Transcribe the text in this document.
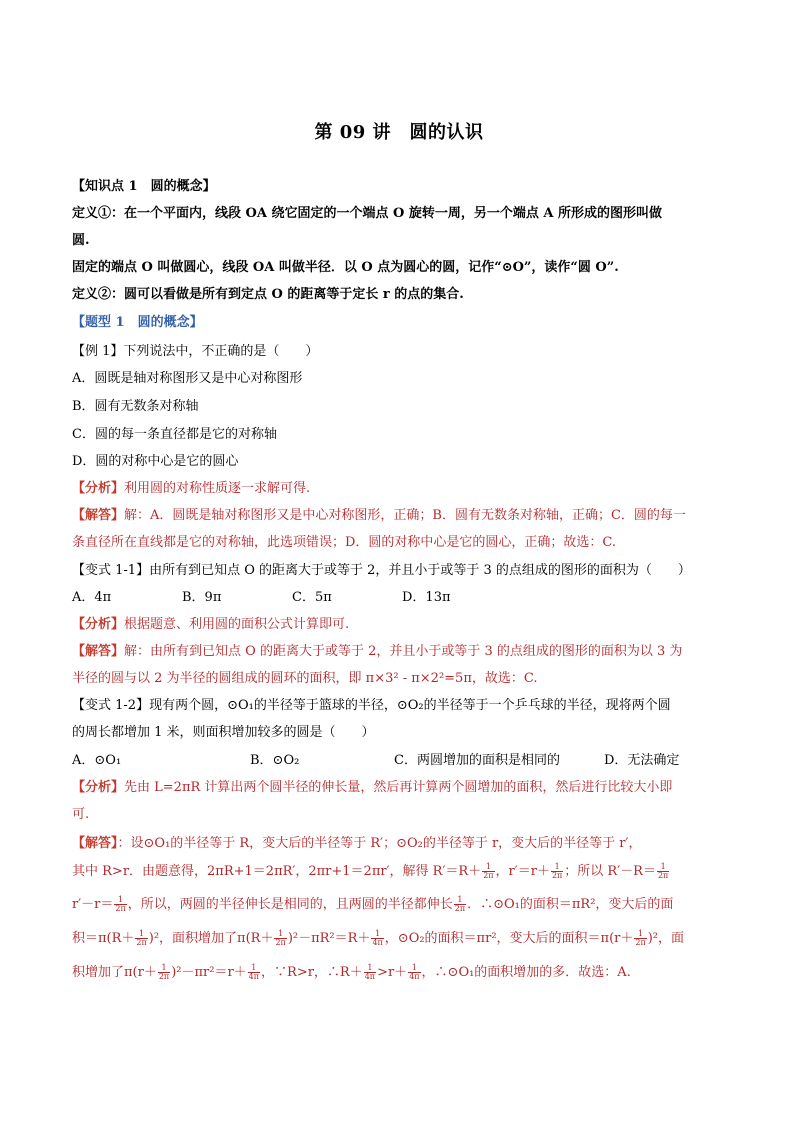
第 09 讲　圆的认识
【知识点 1　圆的概念】
定义①：在一个平面内，线段 OA 绕它固定的一个端点 O 旋转一周，另一个端点 A 所形成的图形叫做
圆.
固定的端点 O 叫做圆心，线段 OA 叫做半径．以 O 点为圆心的圆，记作“⊙O”，读作“圆 O”.
定义②：圆可以看做是所有到定点 O 的距离等于定长 r 的点的集合.
【题型 1　圆的概念】
【例 1】下列说法中，不正确的是（　　）
A．圆既是轴对称图形又是中心对称图形
B．圆有无数条对称轴
C．圆的每一条直径都是它的对称轴
D．圆的对称中心是它的圆心
【分析】利用圆的对称性质逐一求解可得.
【解答】解：A．圆既是轴对称图形又是中心对称图形，正确；B．圆有无数条对称轴，正确；C．圆的每一
条直径所在直线都是它的对称轴，此选项错误；D．圆的对称中心是它的圆心，正确；故选：C.
【变式 1-1】由所有到已知点 O 的距离大于或等于 2，并且小于或等于 3 的点组成的图形的面积为（　　）
A．4π	B．9π	C．5π	D．13π
【分析】根据题意、利用圆的面积公式计算即可.
【解答】解：由所有到已知点 O 的距离大于或等于 2，并且小于或等于 3 的点组成的图形的面积为以 3 为
半径的圆与以 2 为半径的圆组成的圆环的面积，即 π×3² - π×2²=5π，故选：C.
【变式 1-2】现有两个圆，⊙O₁的半径等于篮球的半径，⊙O₂的半径等于一个乒乓球的半径，现将两个圆
的周长都增加 1 米，则面积增加较多的圆是（　　）
A．⊙O₁	B．⊙O₂	C．两圆增加的面积是相同的	D．无法确定
【分析】先由 L=2πR 计算出两个圆半径的伸长量，然后再计算两个圆增加的面积，然后进行比较大小即
可.
【解答】：设⊙O₁的半径等于 R，变大后的半径等于 R′；⊙O₂的半径等于 r，变大后的半径等于 r′，
其中 R>r．由题意得，2πR+1＝2πR′，2πr+1＝2πr′，解得 $R'=R+ \frac{1}{2\pi}$ ，$r'=r+ \frac{1}{2\pi}$ ；所以 $R'-R= \frac{1}{2\pi}$
$r'-r= \frac{1}{2\pi}$ ，所以，两圆的半径伸长是相同的，且两圆的半径都伸长 $\frac{1}{2\pi}$ ．∴⊙O₁的面积＝πR²，变大后的面
积$=\pi(R+ \frac{1}{2\pi} )^2$，面积增加了$\pi(R+ \frac{1}{2\pi} )^2-\pi R^2=R+ \frac{1}{4\pi}$ ，⊙O₂的面积＝πr²，变大后的面积$=\pi(r+ \frac{1}{2\pi} )^2$，面
积增加了$\pi(r+ \frac{1}{2\pi} )^2-\pi r^2=r+ \frac{1}{4\pi}$ ，∵R>r，∴R＋ $\frac{1}{4\pi} >r+ \frac{1}{4\pi}$ ，∴⊙O₁的面积增加的多．故选：A.
